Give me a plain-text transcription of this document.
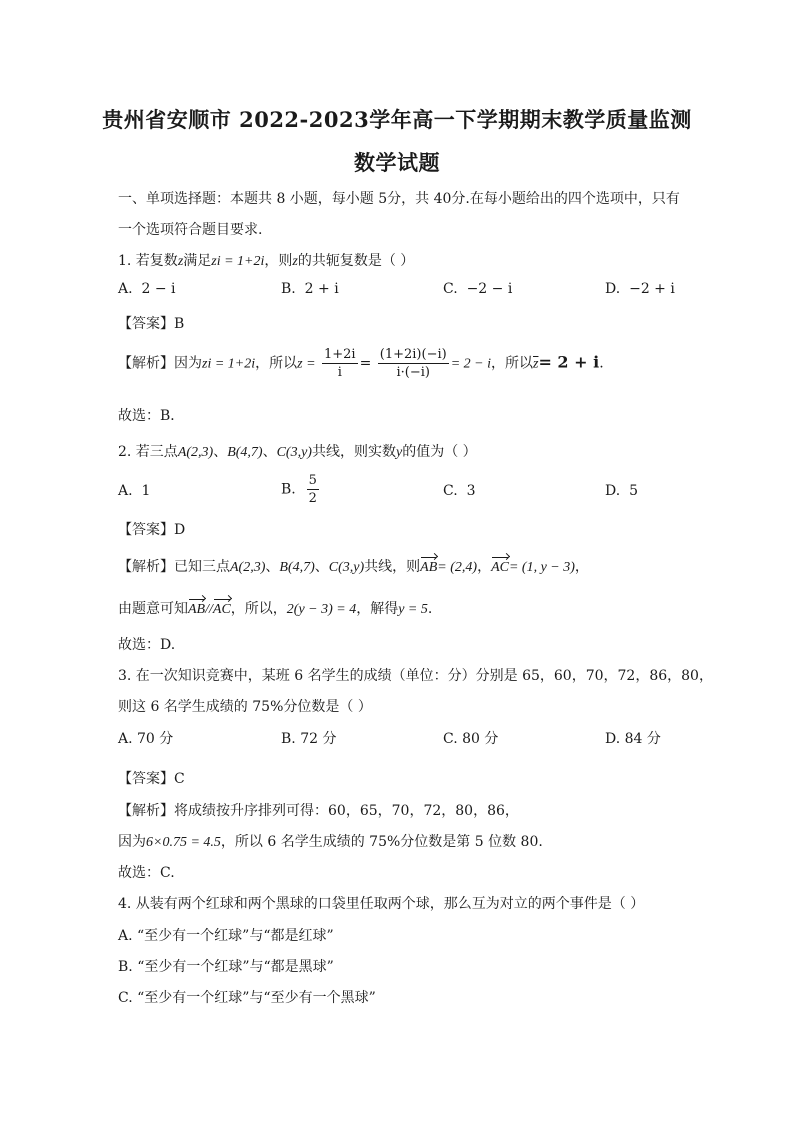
贵州省安顺市 2022-2023学年高一下学期期末教学质量监测
数学试题
一、单项选择题：本题共 8 小题，每小题 5分，共 40分.在每小题给出的四个选项中，只有
一个选项符合题目要求.
1. 若复数z满足zi = 1+2i，则z的共轭复数是（ ）
A. 2 − i	B. 2 + i	C. −2 − i	D. −2 + i
【答案】B
【解析】因为zi = 1+2i，所以$z = \frac{1+2i}{i} = \frac{(1+2i)(-i)}{i\cdot(-i)} = 2 - i$，所以$\overline{z}= 2 + i$.
故选：B．
2. 若三点A(2,3)、B(4,7)、C(3,y)共线，则实数y的值为（ ）
A. 1	B. $\frac{5}{2}$	C. 3	D. 5
【答案】D
【解析】已知三点A(2,3)、B(4,7)、C(3,y)共线，则AB= (2,4)，AC= (1, y − 3)，
由题意可知AB//AC，所以，2(y − 3) = 4，解得y = 5.
故选：D.
3. 在一次知识竞赛中，某班 6 名学生的成绩（单位：分）分别是 65，60，70，72，86，80，
则这 6 名学生成绩的 75%分位数是（ ）
A. 70 分	B. 72 分	C. 80 分	D. 84 分
【答案】C
【解析】将成绩按升序排列可得：60，65，70，72，80，86，
因为6×0.75 = 4.5，所以 6 名学生成绩的 75%分位数是第 5 位数 80.
故选：C.
4. 从装有两个红球和两个黑球的口袋里任取两个球，那么互为对立的两个事件是（ ）
A. “至少有一个红球”与“都是红球”
B. “至少有一个红球”与“都是黑球”
C. “至少有一个红球”与“至少有一个黑球”
